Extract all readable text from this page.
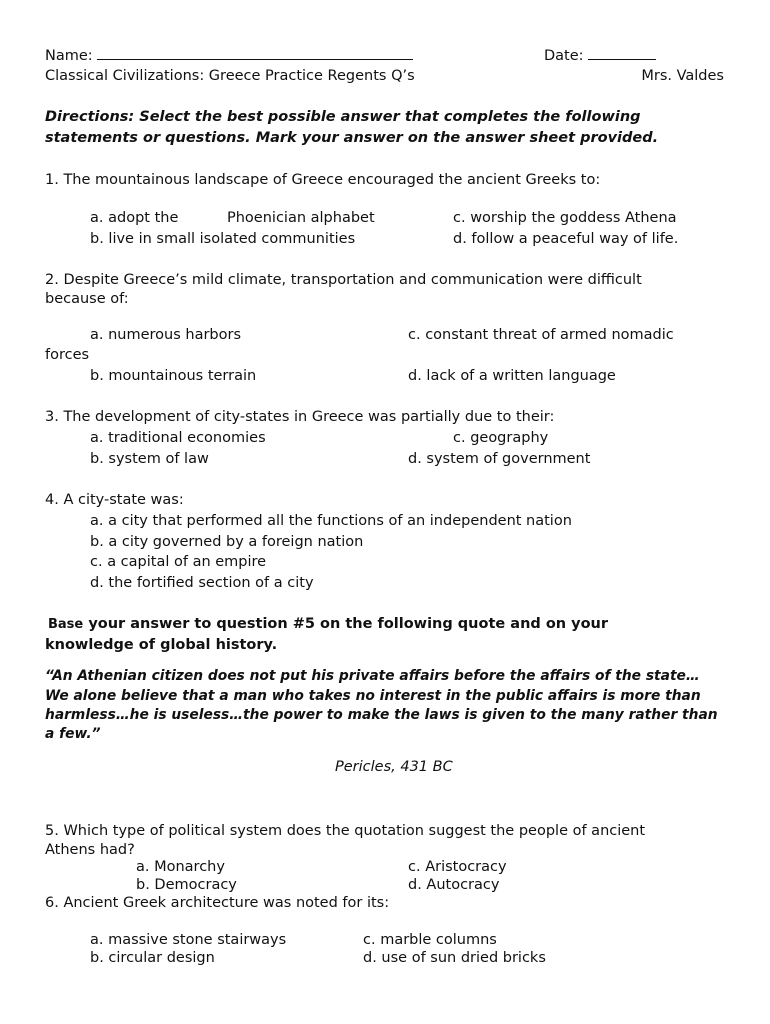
Name:	Date:
Classical Civilizations: Greece Practice Regents Q’s	Mrs. Valdes
Directions: Select the best possible answer that completes the following
statements or questions. Mark your answer on the answer sheet provided.
1. The mountainous landscape of Greece encouraged the ancient Greeks to:
a. adopt the	Phoenician alphabet	c. worship the goddess Athena
b. live in small isolated communities	d. follow a peaceful way of life.
2. Despite Greece’s mild climate, transportation and communication were difficult
because of:
a. numerous harbors	c. constant threat of armed nomadic
forces
b. mountainous terrain	d. lack of a written language
3. The development of city-states in Greece was partially due to their:
a. traditional economies	c. geography
b. system of law	d. system of government
4. A city-state was:
a. a city that performed all the functions of an independent nation
b. a city governed by a foreign nation
c. a capital of an empire
d. the fortified section of a city
Base your answer to question #5 on the following quote and on your
knowledge of global history.
“An Athenian citizen does not put his private affairs before the affairs of the state…
We alone believe that a man who takes no interest in the public affairs is more than
harmless…he is useless…the power to make the laws is given to the many rather than
a few.”
Pericles, 431 BC
5. Which type of political system does the quotation suggest the people of ancient
Athens had?
a. Monarchy	c. Aristocracy
b. Democracy	d. Autocracy
6. Ancient Greek architecture was noted for its:
a. massive stone stairways	c. marble columns
b. circular design	d. use of sun dried bricks
